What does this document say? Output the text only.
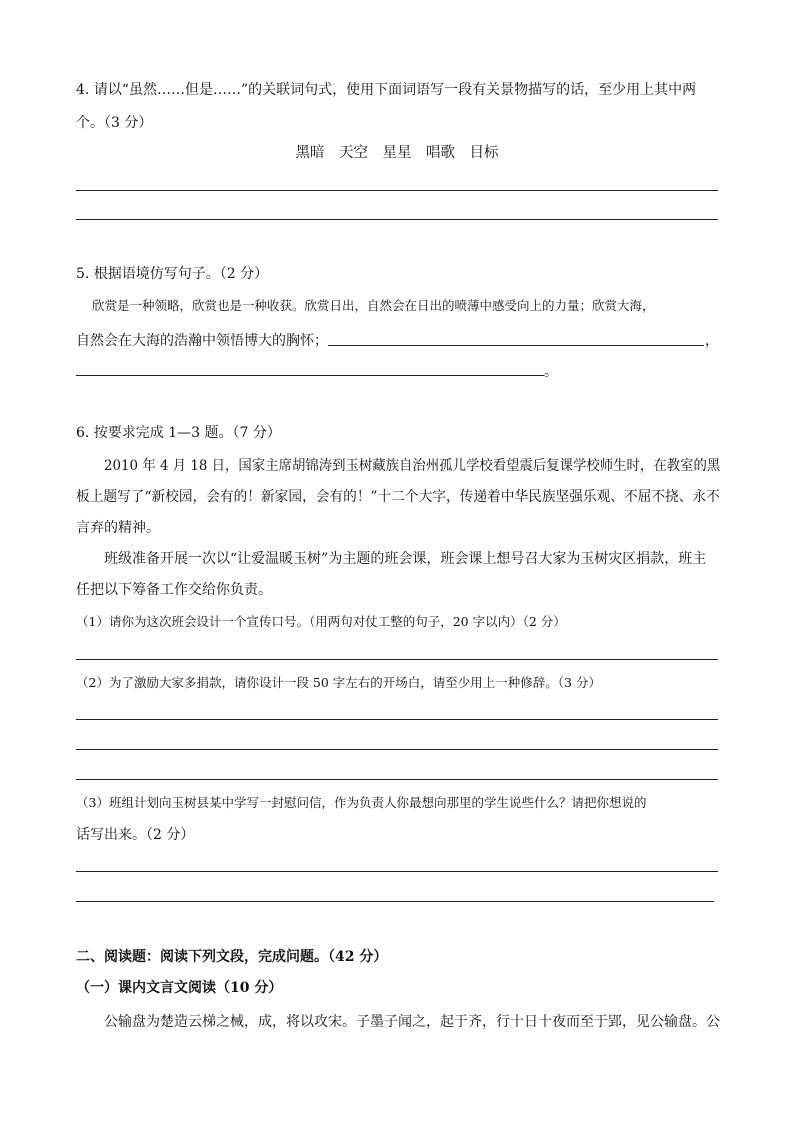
4. 请以“虽然……但是……”的关联词句式，使用下面词语写一段有关景物描写的话，至少用上其中两
个。（3 分）
黑暗　天空　星星　唱歌　目标
5. 根据语境仿写句子。（2 分）
欣赏是一种领略，欣赏也是一种收获。欣赏日出，自然会在日出的喷薄中感受向上的力量；欣赏大海，
自然会在大海的浩瀚中领悟博大的胸怀；	，
。
6. 按要求完成 1—3 题。（7 分）
2010 年 4 月 18 日，国家主席胡锦涛到玉树藏族自治州孤儿学校看望震后复课学校师生时，在教室的黑
板上题写了“新校园，会有的！新家园，会有的！”十二个大字，传递着中华民族坚强乐观、不屈不挠、永不
言弃的精神。
班级准备开展一次以“让爱温暖玉树”为主题的班会课，班会课上想号召大家为玉树灾区捐款，班主
任把以下筹备工作交给你负责。
（1）请你为这次班会设计一个宣传口号。（用两句对仗工整的句子，20 字以内）（2 分）
（2）为了激励大家多捐款，请你设计一段 50 字左右的开场白，请至少用上一种修辞。（3 分）
（3）班组计划向玉树县某中学写一封慰问信，作为负责人你最想向那里的学生说些什么？请把你想说的
话写出来。（2 分）
二、阅读题：阅读下列文段，完成问题。（42 分）
（一）课内文言文阅读（10 分）
公输盘为楚造云梯之械，成，将以攻宋。子墨子闻之，起于齐，行十日十夜而至于郢，见公输盘。公
